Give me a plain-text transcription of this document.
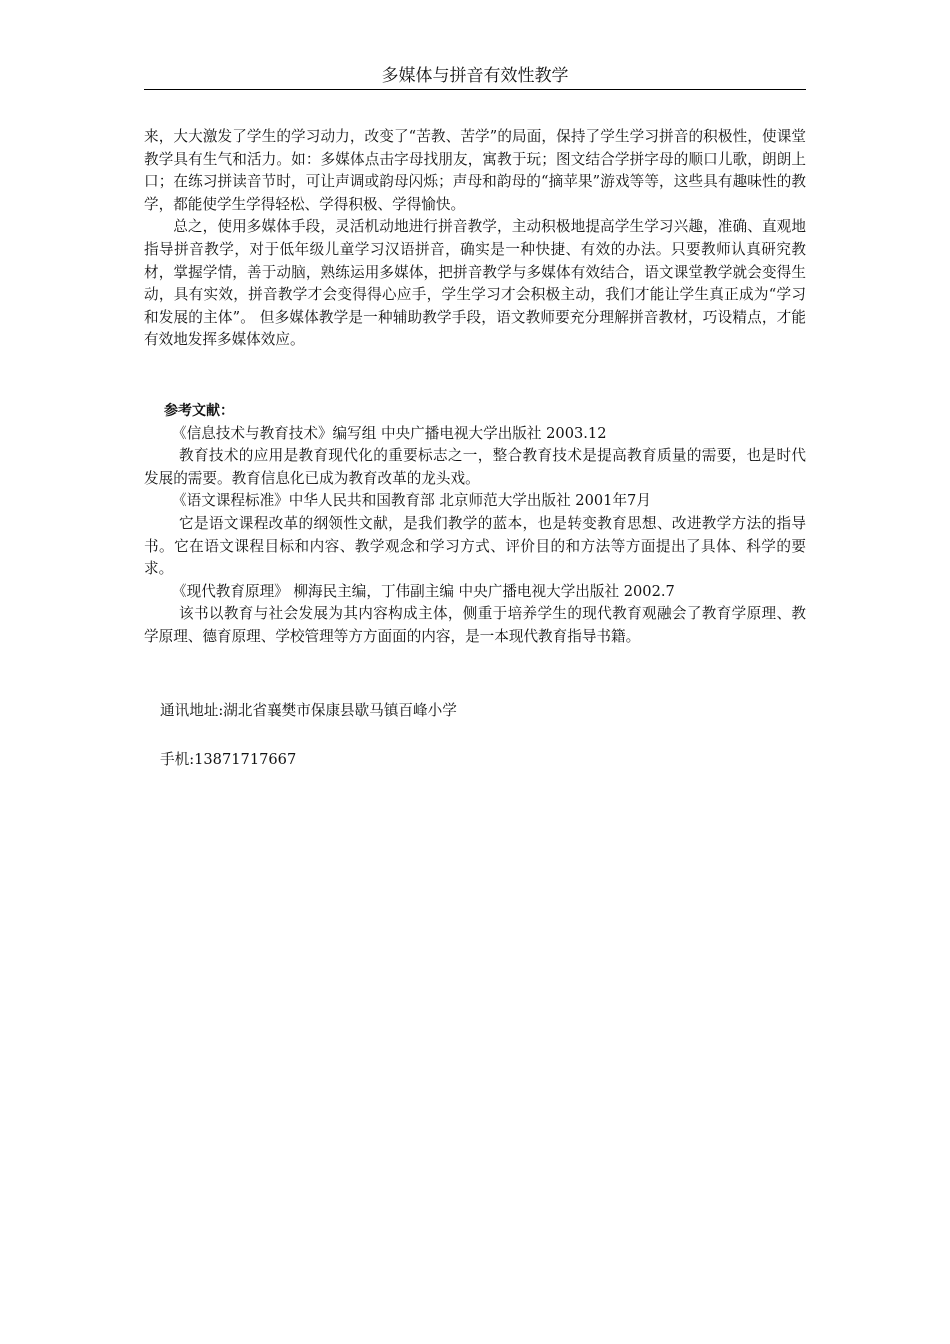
多媒体与拼音有效性教学

来，大大激发了学生的学习动力，改变了“苦教、苦学”的局面，保持了学生学习拼音的积极性，使课堂教学具有生气和活力。如：多媒体点击字母找朋友，寓教于玩；图文结合学拼字母的顺口儿歌，朗朗上口；在练习拼读音节时，可让声调或韵母闪烁；声母和韵母的“摘苹果”游戏等等，这些具有趣味性的教学，都能使学生学得轻松、学得积极、学得愉快。

总之，使用多媒体手段，灵活机动地进行拼音教学，主动积极地提高学生学习兴趣，准确、直观地指导拼音教学，对于低年级儿童学习汉语拼音，确实是一种快捷、有效的办法。只要教师认真研究教材，掌握学情，善于动脑，熟练运用多媒体，把拼音教学与多媒体有效结合，语文课堂教学就会变得生动，具有实效，拼音教学才会变得得心应手，学生学习才会积极主动，我们才能让学生真正成为“学习和发展的主体”。 但多媒体教学是一种辅助教学手段，语文教师要充分理解拼音教材，巧设精点，才能有效地发挥多媒体效应。

参考文献：

《信息技术与教育技术》编写组 中央广播电视大学出版社 2003.12

教育技术的应用是教育现代化的重要标志之一，整合教育技术是提高教育质量的需要，也是时代发展的需要。教育信息化已成为教育改革的龙头戏。

《语文课程标准》中华人民共和国教育部 北京师范大学出版社 2001年7月

它是语文课程改革的纲领性文献，是我们教学的蓝本，也是转变教育思想、改进教学方法的指导书。它在语文课程目标和内容、教学观念和学习方式、评价目的和方法等方面提出了具体、科学的要求。

《现代教育原理》 柳海民主编，丁伟副主编 中央广播电视大学出版社 2002.7

该书以教育与社会发展为其内容构成主体，侧重于培养学生的现代教育观融会了教育学原理、教学原理、德育原理、学校管理等方方面面的内容，是一本现代教育指导书籍。

通讯地址:湖北省襄樊市保康县歇马镇百峰小学

手机:13871717667
